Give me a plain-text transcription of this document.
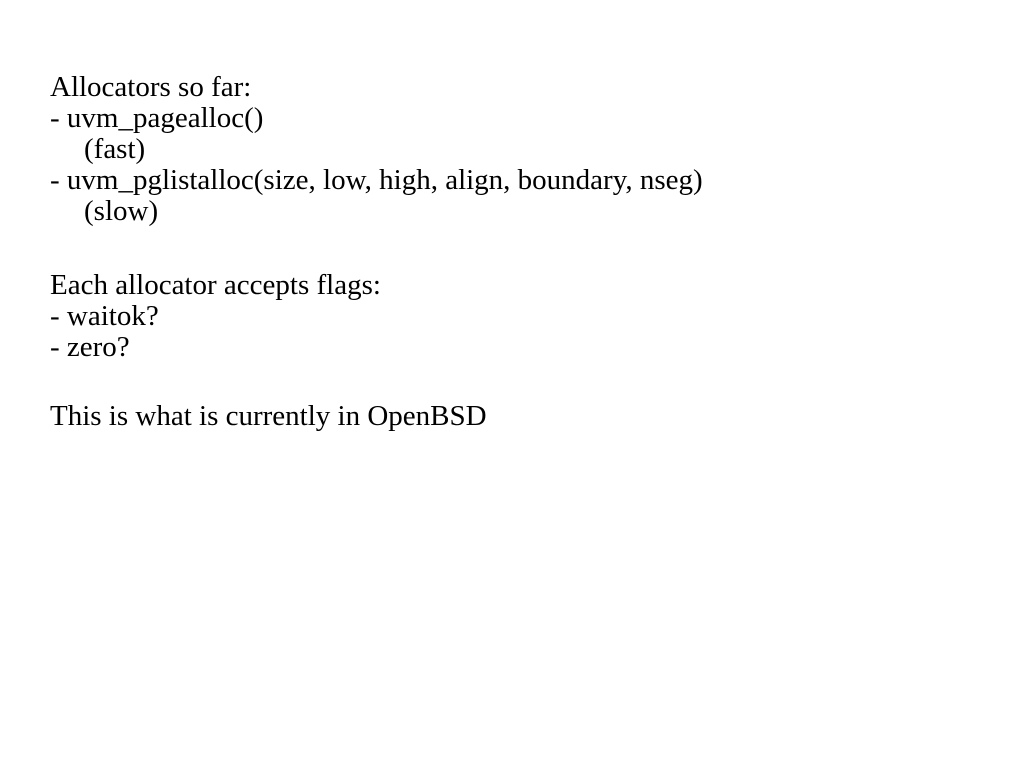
Allocators so far:
- uvm_pagealloc()
(fast)
- uvm_pglistalloc(size, low, high, align, boundary, nseg)
(slow)
Each allocator accepts flags:
- waitok?
- zero?
This is what is currently in OpenBSD
